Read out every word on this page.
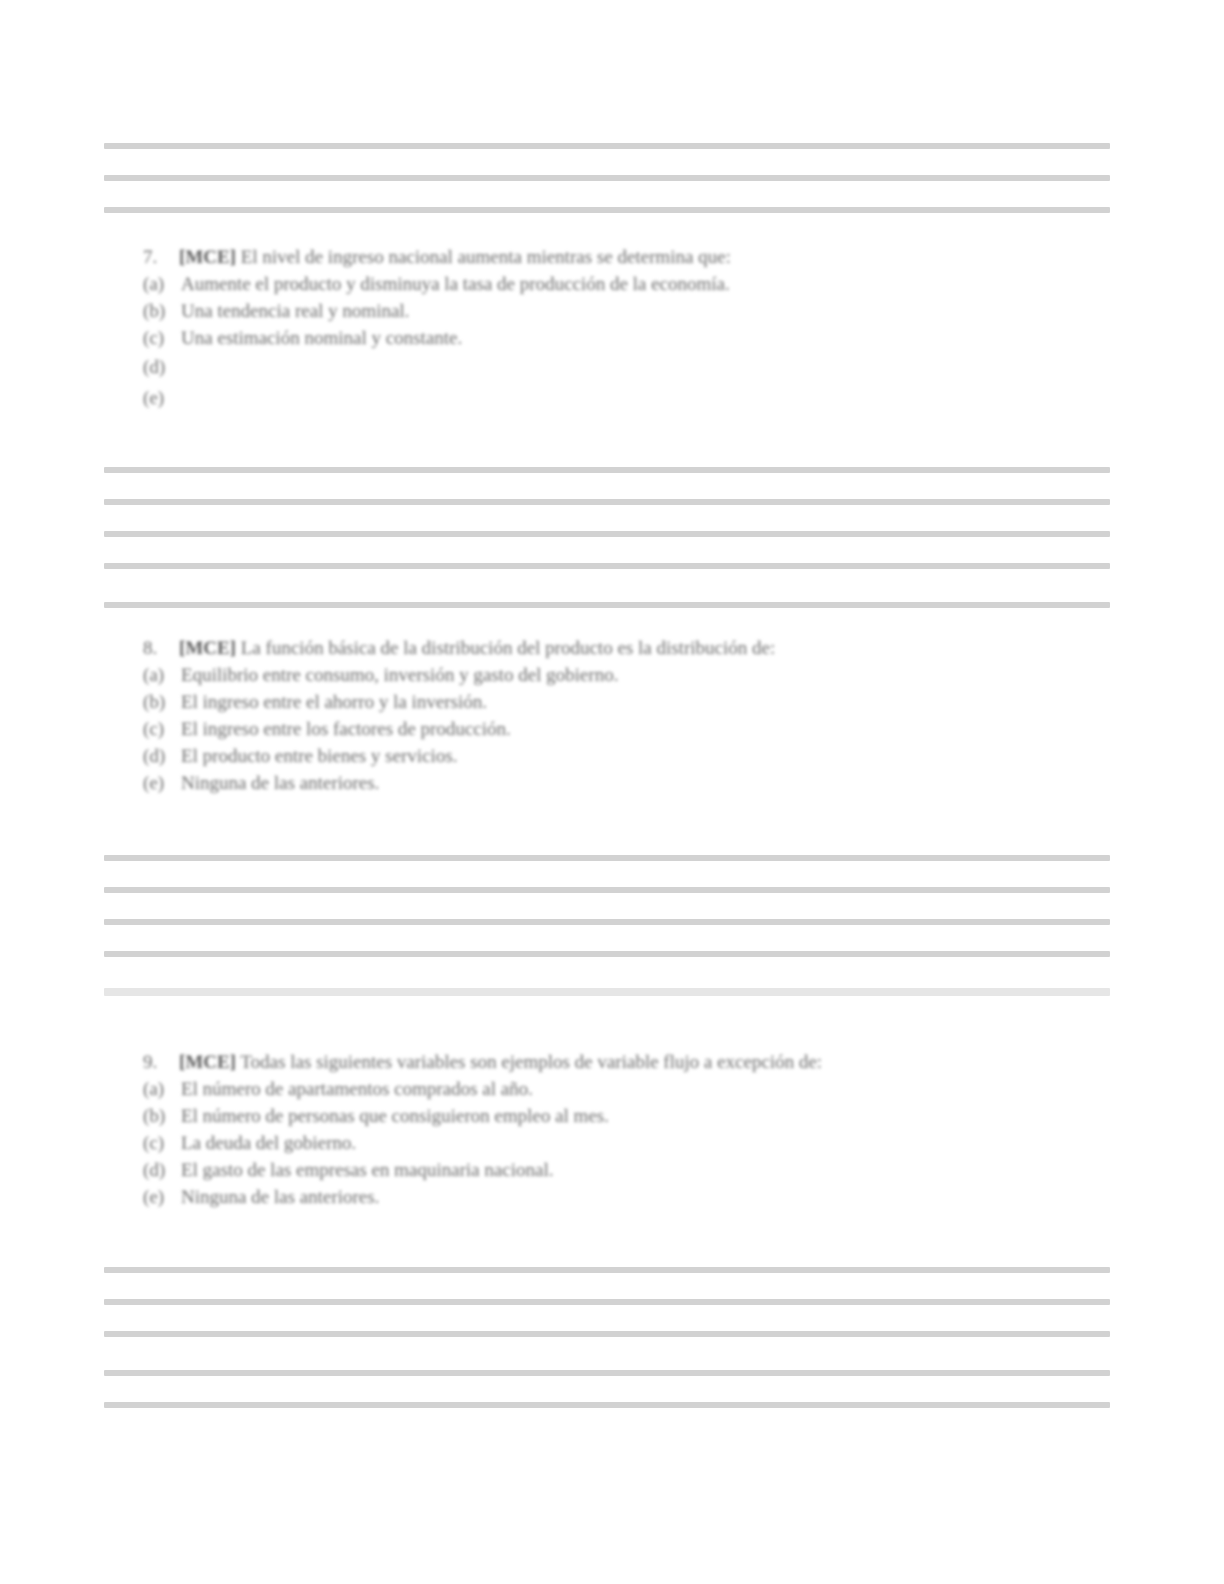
7. [MCE] El nivel de ingreso nacional aumenta mientras se determina que:
(a) Aumente el producto y disminuya la tasa de producción de la economía.
(b) Una tendencia real y nominal.
(c) Una estimación nominal y constante.
(d)
(e)
8. [MCE] La función básica de la distribución del producto es la distribución de:
(a) Equilibrio entre consumo, inversión y gasto del gobierno.
(b) El ingreso entre el ahorro y la inversión.
(c) El ingreso entre los factores de producción.
(d) El producto entre bienes y servicios.
(e) Ninguna de las anteriores.
9. [MCE] Todas las siguientes variables son ejemplos de variable flujo a excepción de:
(a) El número de apartamentos comprados al año.
(b) El número de personas que consiguieron empleo al mes.
(c) La deuda del gobierno.
(d) El gasto de las empresas en maquinaria nacional.
(e) Ninguna de las anteriores.
